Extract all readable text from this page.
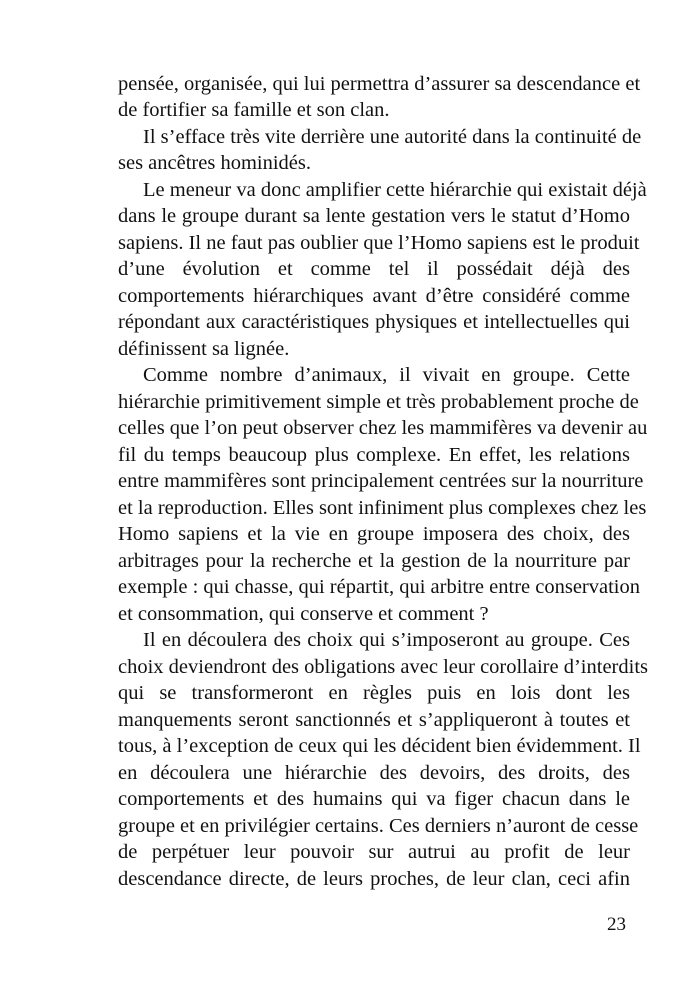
pensée, organisée, qui lui permettra d’assurer sa descendance et
de fortifier sa famille et son clan.
Il s’efface très vite derrière une autorité dans la continuité de
ses ancêtres hominidés.
Le meneur va donc amplifier cette hiérarchie qui existait déjà
dans le groupe durant sa lente gestation vers le statut d’Homo
sapiens. Il ne faut pas oublier que l’Homo sapiens est le produit
d’une évolution et comme tel il possédait déjà des
comportements hiérarchiques avant d’être considéré comme
répondant aux caractéristiques physiques et intellectuelles qui
définissent sa lignée.
Comme nombre d’animaux, il vivait en groupe. Cette
hiérarchie primitivement simple et très probablement proche de
celles que l’on peut observer chez les mammifères va devenir au
fil du temps beaucoup plus complexe. En effet, les relations
entre mammifères sont principalement centrées sur la nourriture
et la reproduction. Elles sont infiniment plus complexes chez les
Homo sapiens et la vie en groupe imposera des choix, des
arbitrages pour la recherche et la gestion de la nourriture par
exemple : qui chasse, qui répartit, qui arbitre entre conservation
et consommation, qui conserve et comment ?
Il en découlera des choix qui s’imposeront au groupe. Ces
choix deviendront des obligations avec leur corollaire d’interdits
qui se transformeront en règles puis en lois dont les
manquements seront sanctionnés et s’appliqueront à toutes et
tous, à l’exception de ceux qui les décident bien évidemment. Il
en découlera une hiérarchie des devoirs, des droits, des
comportements et des humains qui va figer chacun dans le
groupe et en privilégier certains. Ces derniers n’auront de cesse
de perpétuer leur pouvoir sur autrui au profit de leur
descendance directe, de leurs proches, de leur clan, ceci afin
23
